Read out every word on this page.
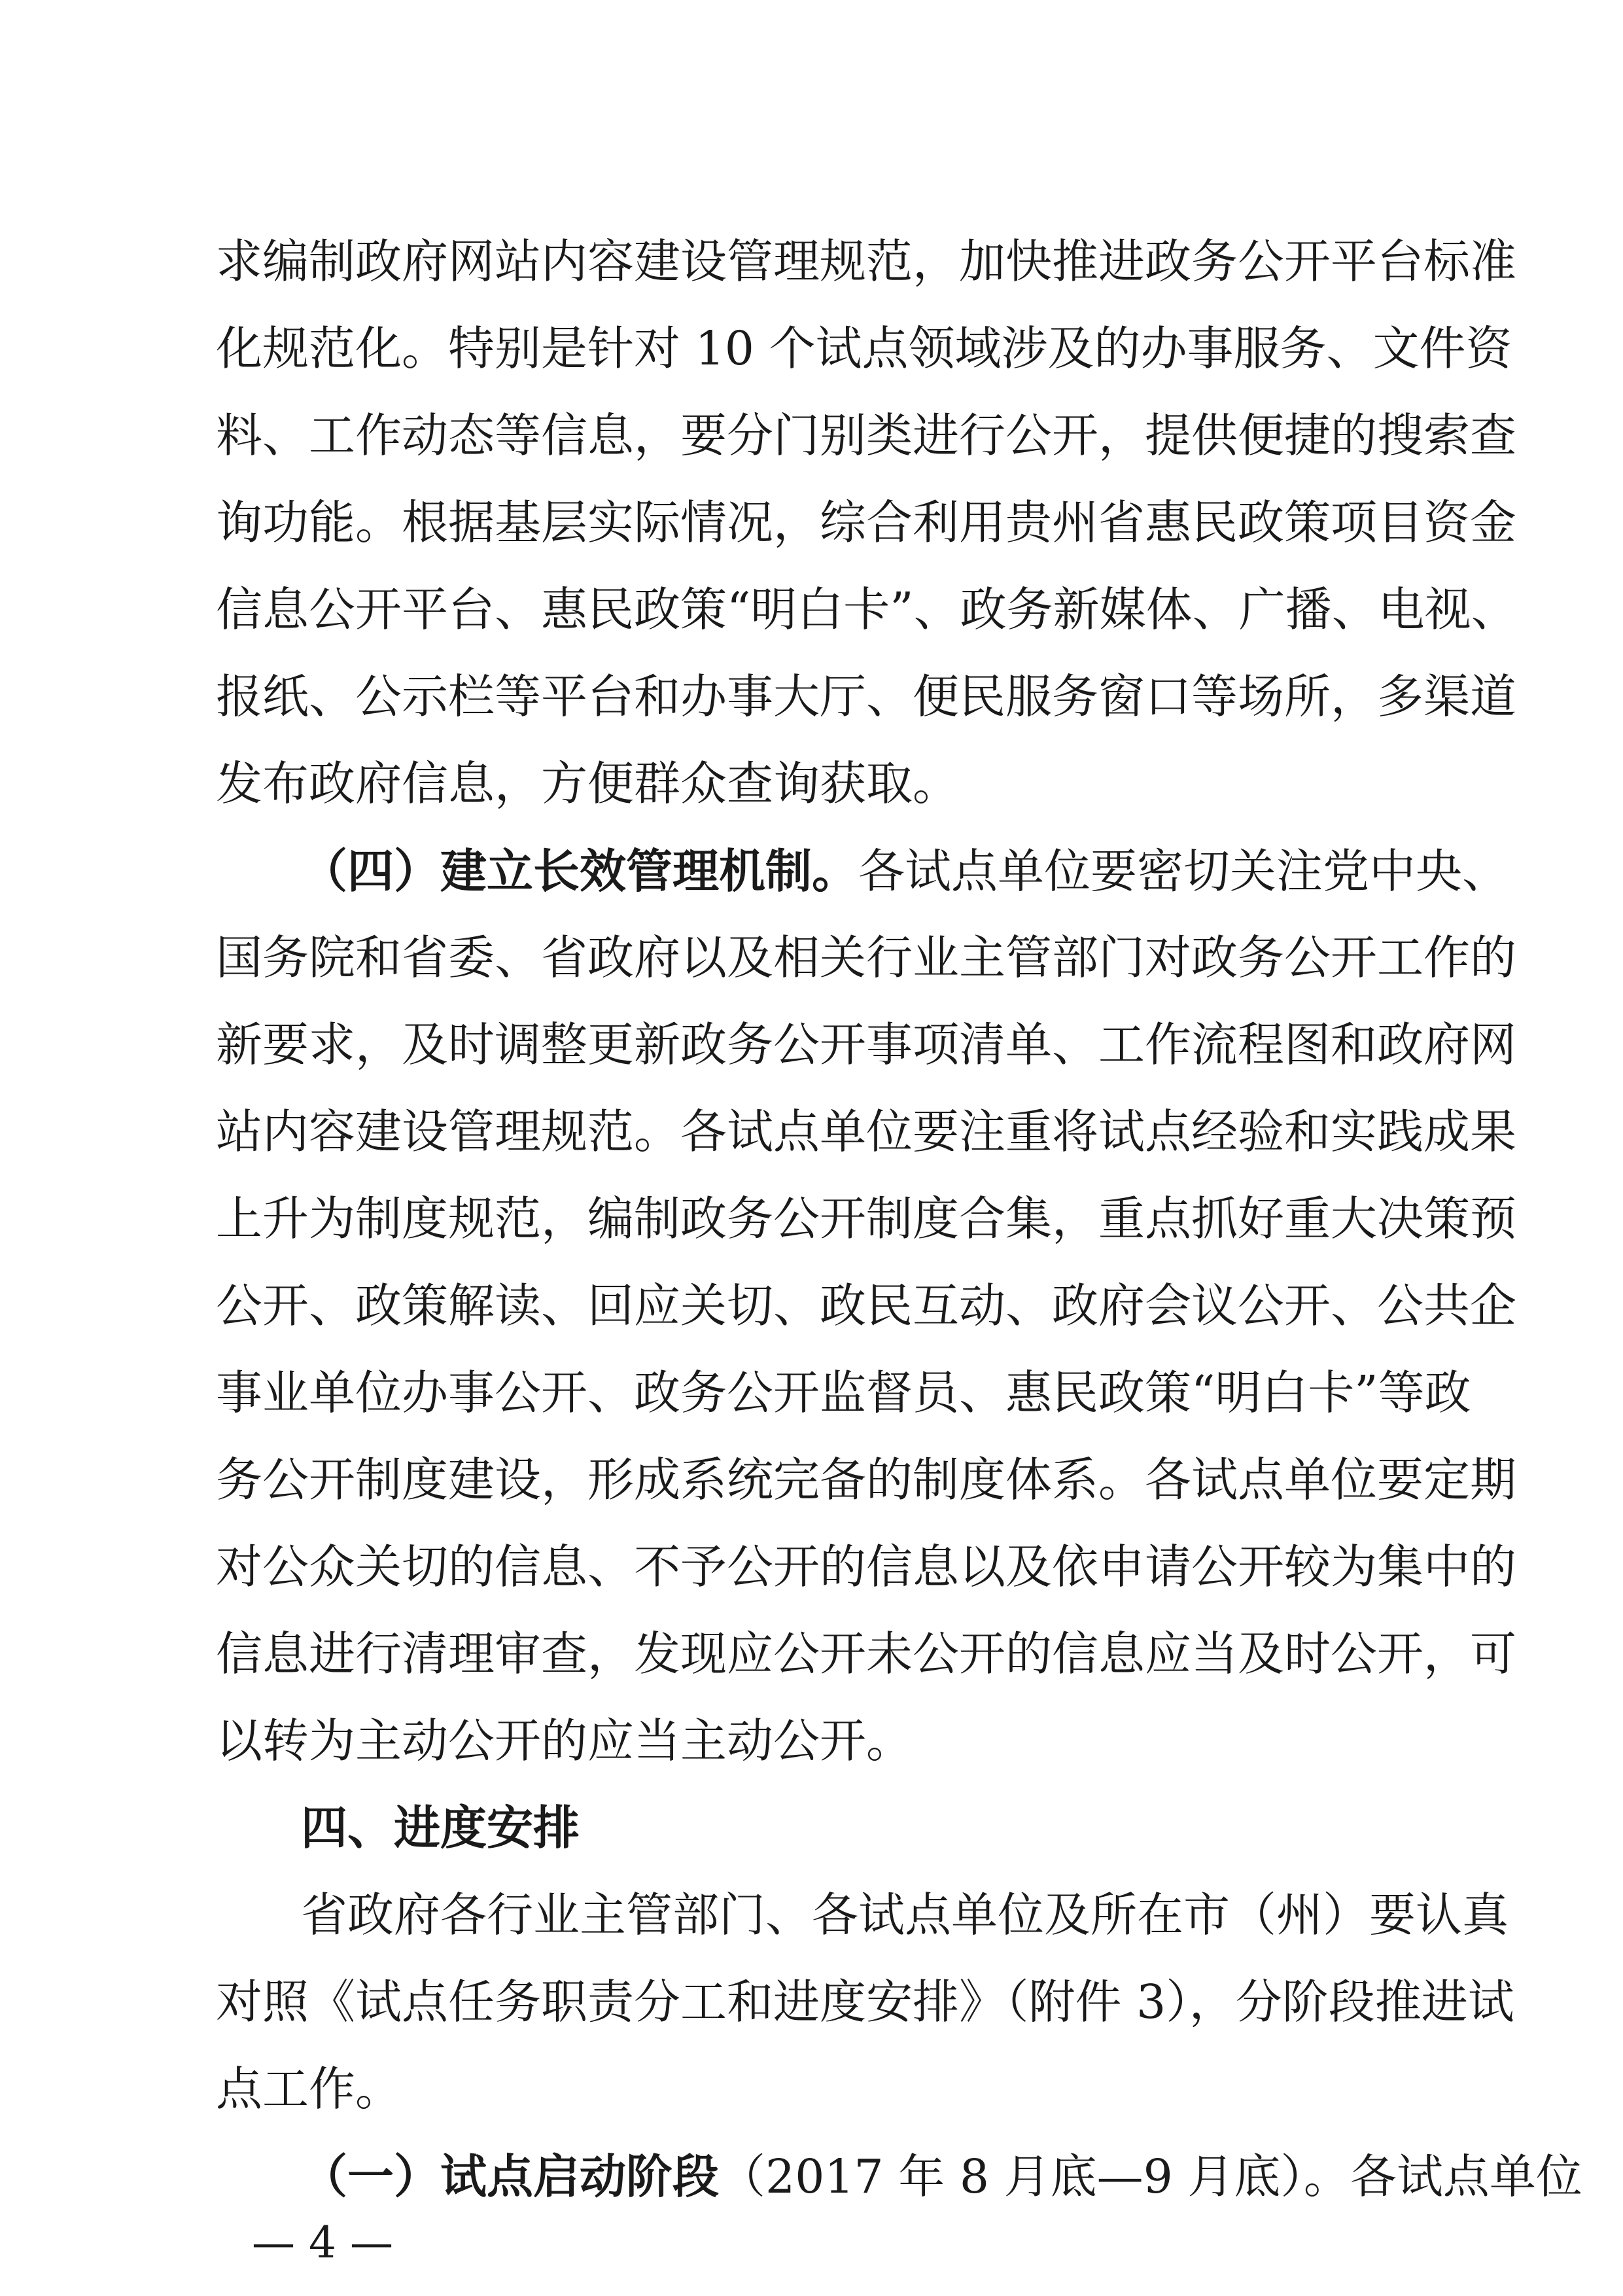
求编制政府网站内容建设管理规范，加快推进政务公开平台标准
化规范化。特别是针对 10 个试点领域涉及的办事服务、文件资
料、工作动态等信息，要分门别类进行公开，提供便捷的搜索查
询功能。根据基层实际情况，综合利用贵州省惠民政策项目资金
信息公开平台、惠民政策“明白卡”、政务新媒体、广播、电视、
报纸、公示栏等平台和办事大厅、便民服务窗口等场所，多渠道
发布政府信息，方便群众查询获取。
（四）建立长效管理机制。各试点单位要密切关注党中央、
国务院和省委、省政府以及相关行业主管部门对政务公开工作的
新要求，及时调整更新政务公开事项清单、工作流程图和政府网
站内容建设管理规范。各试点单位要注重将试点经验和实践成果
上升为制度规范，编制政务公开制度合集，重点抓好重大决策预
公开、政策解读、回应关切、政民互动、政府会议公开、公共企
事业单位办事公开、政务公开监督员、惠民政策“明白卡”等政
务公开制度建设，形成系统完备的制度体系。各试点单位要定期
对公众关切的信息、不予公开的信息以及依申请公开较为集中的
信息进行清理审查，发现应公开未公开的信息应当及时公开，可
以转为主动公开的应当主动公开。
四、进度安排
省政府各行业主管部门、各试点单位及所在市（州）要认真
对照《试点任务职责分工和进度安排》（附件 3），分阶段推进试
点工作。
（一）试点启动阶段（2017 年 8 月底—9 月底）。各试点单位
— 4 —
